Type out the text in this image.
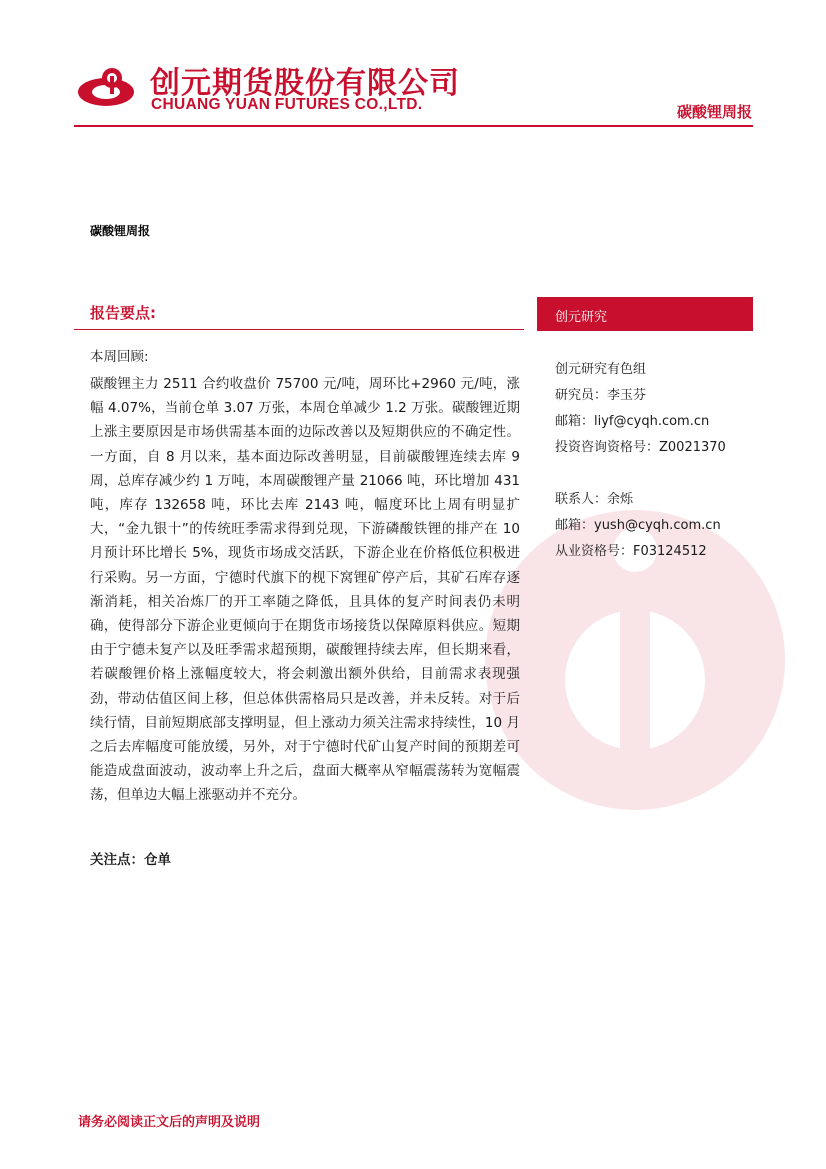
创元期货股份有限公司
CHUANG YUAN FUTURES CO.,LTD.	碳酸锂周报
碳酸锂周报
报告要点:
本周回顾:
碳酸锂主力 2511 合约收盘价 75700 元/吨，周环比+2960 元/吨，涨幅 4.07%，当前仓单 3.07 万张，本周仓单减少 1.2 万张。碳酸锂近期上涨主要原因是市场供需基本面的边际改善以及短期供应的不确定性。一方面，自 8 月以来，基本面边际改善明显，目前碳酸锂连续去库 9 周，总库存减少约 1 万吨，本周碳酸锂产量 21066 吨，环比增加 431 吨，库存 132658 吨，环比去库 2143 吨，幅度环比上周有明显扩大，“金九银十”的传统旺季需求得到兑现，下游磷酸铁锂的排产在 10 月预计环比增长 5%，现货市场成交活跃，下游企业在价格低位积极进行采购。另一方面，宁德时代旗下的枧下窝锂矿停产后，其矿石库存逐渐消耗，相关冶炼厂的开工率随之降低，且具体的复产时间表仍未明确，使得部分下游企业更倾向于在期货市场接货以保障原料供应。短期由于宁德未复产以及旺季需求超预期，碳酸锂持续去库，但长期来看，若碳酸锂价格上涨幅度较大，将会刺激出额外供给，目前需求表现强劲，带动估值区间上移，但总体供需格局只是改善，并未反转。对于后续行情，目前短期底部支撑明显，但上涨动力须关注需求持续性，10 月之后去库幅度可能放缓，另外，对于宁德时代矿山复产时间的预期差可能造成盘面波动，波动率上升之后，盘面大概率从窄幅震荡转为宽幅震荡，但单边大幅上涨驱动并不充分。
关注点：仓单
创元研究
创元研究有色组
研究员：李玉芬
邮箱：liyf@cyqh.com.cn
投资咨询资格号：Z0021370
联系人：余烁
邮箱：yush@cyqh.com.cn
从业资格号：F03124512
请务必阅读正文后的声明及说明
